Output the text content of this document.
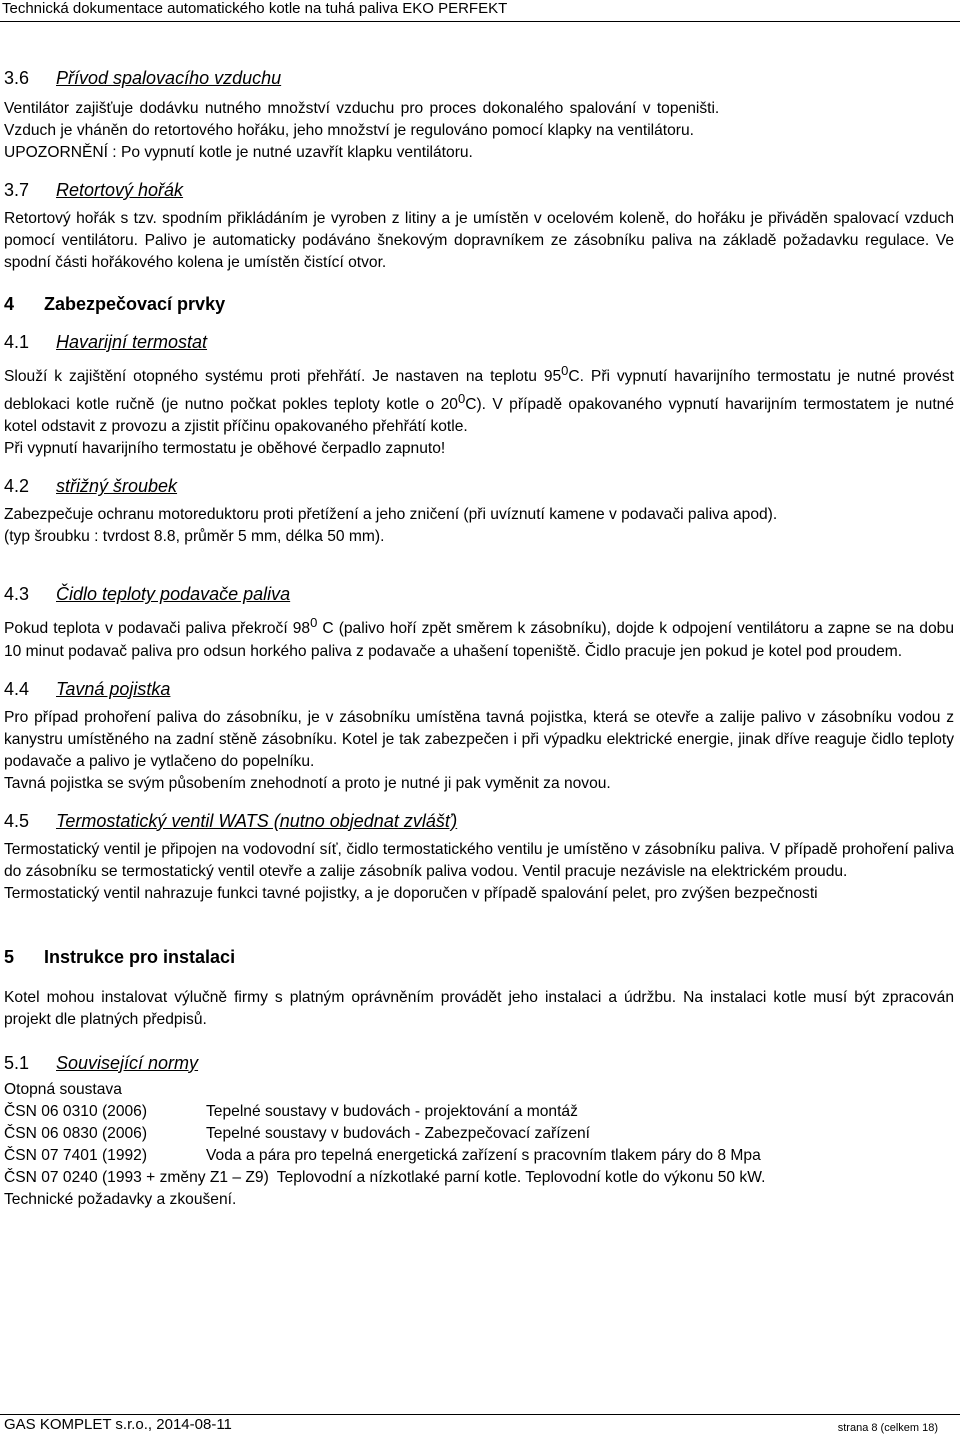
Technická dokumentace automatického kotle na tuhá paliva EKO PERFEKT
3.6	Přívod spalovacího vzduchu

Ventilátor zajišťuje dodávku nutného množství vzduchu pro proces dokonalého spalování v topeništi.

Vzduch je vháněn do retortového hořáku, jeho množství je regulováno pomocí klapky na ventilátoru.

UPOZORNĚNÍ : Po vypnutí kotle je nutné uzavřít klapku ventilátoru.

3.7	Retortový hořák

Retortový hořák s tzv. spodním přikládáním je vyroben z litiny a je umístěn v ocelovém koleně, do hořáku je přiváděn spalovací vzduch pomocí ventilátoru. Palivo je automaticky podáváno šnekovým dopravníkem ze zásobníku paliva na základě požadavku regulace. Ve spodní části hořákového kolena je umístěn čistící otvor.

4	Zabezpečovací prvky
4.1	Havarijní termostat

Slouží k zajištění otopného systému proti přehřátí. Je nastaven na teplotu $95^0C$. Při vypnutí havarijního termostatu je nutné provést deblokaci kotle ručně (je nutno počkat pokles teploty kotle o $20^0C$). V případě opakovaného vypnutí havarijním termostatem je nutné kotel odstavit z provozu a zjistit příčinu opakovaného přehřátí kotle.

Při vypnutí havarijního termostatu je oběhové čerpadlo zapnuto!

4.2	střižný šroubek

Zabezpečuje ochranu motoreduktoru proti přetížení a jeho zničení (při uvíznutí kamene v podavači paliva apod).

(typ šroubku : tvrdost 8.8, průměr 5 mm, délka 50 mm).

4.3	Čidlo teploty podavače paliva

Pokud teplota v podavači paliva překročí $98^0$ C (palivo hoří zpět směrem k zásobníku), dojde k odpojení ventilátoru a zapne se na dobu 10 minut podavač paliva pro odsun horkého paliva z podavače a uhašení topeniště. Čidlo pracuje jen pokud je kotel pod proudem.

4.4	Tavná pojistka

Pro případ prohoření paliva do zásobníku, je v zásobníku umístěna tavná pojistka, která se otevře a zalije palivo v zásobníku vodou z kanystru umístěného na zadní stěně zásobníku. Kotel je tak zabezpečen i při výpadku elektrické energie, jinak dříve reaguje čidlo teploty podavače a palivo je vytlačeno do popelníku.

Tavná pojistka se svým působením znehodnotí a proto je nutné ji pak vyměnit za novou.

4.5	Termostatický ventil WATS (nutno objednat zvlášť)

Termostatický ventil je připojen na vodovodní síť, čidlo termostatického ventilu je umístěno v zásobníku paliva. V případě prohoření paliva do zásobníku se termostatický ventil otevře a zalije zásobník paliva vodou. Ventil pracuje nezávisle na elektrickém proudu.

Termostatický ventil nahrazuje funkci tavné pojistky, a je doporučen v případě spalování pelet, pro zvýšen bezpečnosti

5	Instrukce pro instalaci

Kotel mohou instalovat výlučně firmy s platným oprávněním provádět jeho instalaci a údržbu. Na instalaci kotle musí být zpracován projekt dle platných předpisů.

5.1	Související normy

Otopná soustava

ČSN 06 0310 (2006)	Tepelné soustavy v budovách - projektování a montáž
ČSN 06 0830 (2006)	Tepelné soustavy v budovách - Zabezpečovací zařízení
ČSN 07 7401 (1992)	Voda a pára pro tepelná energetická zařízení s pracovním tlakem páry do 8 Mpa
ČSN 07 0240 (1993 + změny Z1 – Z9) Teplovodní a nízkotlaké parní kotle. Teplovodní kotle do výkonu 50 kW.

Technické požadavky a zkoušení.

GAS KOMPLET s.r.o., 2014-08-11	strana 8 (celkem 18)
